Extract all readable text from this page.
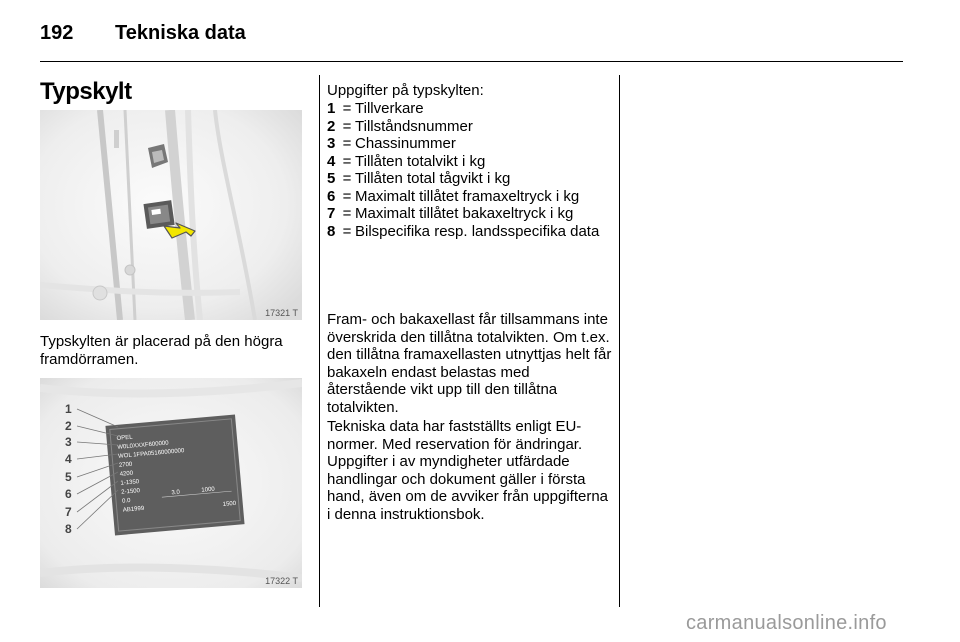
192 Tekniska data
Typskylt
17321 T

Typskylten är placerad på den högra framdörramen.

OPEL
W0L0XXXF600000
WOL 1FPA05160000000
2700
4200
1-1350
2-1500
0.0
AB1999
3.0	1000
1500
1
2
3
4
5
6
7
8
17322 T
Uppgifter på typskylten:
1 = Tillverkare
2 = Tillståndsnummer
3 = Chassinummer
4 = Tillåten totalvikt i kg
5 = Tillåten total tågvikt i kg
6 = Maximalt tillåtet framaxeltryck i kg
7 = Maximalt tillåtet bakaxeltryck i kg
8 = Bilspecifika resp. landsspecifika data

Fram- och bakaxellast får tillsammans inte överskrida den tillåtna totalvikten. Om t.ex. den tillåtna framaxellasten utnyttjas helt får bakaxeln endast belastas med återstående vikt upp till den tillåtna totalvikten.

Tekniska data har fastställts enligt EU-normer. Med reservation för ändringar. Uppgifter i av myndigheter utfärdade handlingar och dokument gäller i första hand, även om de avviker från uppgifterna i denna instruktionsbok.

carmanualsonline.info
